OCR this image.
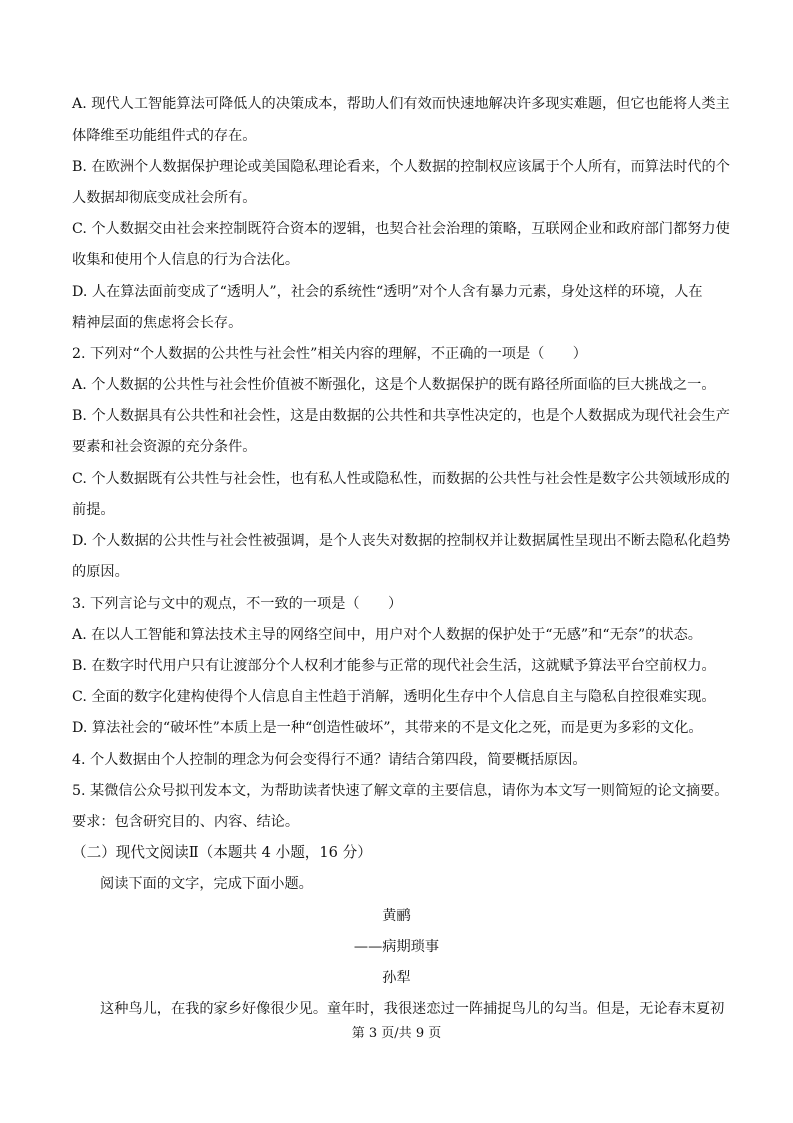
A. 现代人工智能算法可降低人的决策成本，帮助人们有效而快速地解决许多现实难题，但它也能将人类主
体降维至功能组件式的存在。
B. 在欧洲个人数据保护理论或美国隐私理论看来，个人数据的控制权应该属于个人所有，而算法时代的个
人数据却彻底变成社会所有。
C. 个人数据交由社会来控制既符合资本的逻辑，也契合社会治理的策略，互联网企业和政府部门都努力使
收集和使用个人信息的行为合法化。
D. 人在算法面前变成了“透明人”，社会的系统性“透明”对个人含有暴力元素，身处这样的环境，人在
精神层面的焦虑将会长存。
2. 下列对“个人数据的公共性与社会性”相关内容的理解，不正确的一项是（　　）
A. 个人数据的公共性与社会性价值被不断强化，这是个人数据保护的既有路径所面临的巨大挑战之一。
B. 个人数据具有公共性和社会性，这是由数据的公共性和共享性决定的，也是个人数据成为现代社会生产
要素和社会资源的充分条件。
C. 个人数据既有公共性与社会性，也有私人性或隐私性，而数据的公共性与社会性是数字公共领域形成的
前提。
D. 个人数据的公共性与社会性被强调，是个人丧失对数据的控制权并让数据属性呈现出不断去隐私化趋势
的原因。
3. 下列言论与文中的观点，不一致的一项是（　　）
A. 在以人工智能和算法技术主导的网络空间中，用户对个人数据的保护处于“无感”和“无奈”的状态。
B. 在数字时代用户只有让渡部分个人权利才能参与正常的现代社会生活，这就赋予算法平台空前权力。
C. 全面的数字化建构使得个人信息自主性趋于消解，透明化生存中个人信息自主与隐私自控很难实现。
D. 算法社会的“破坏性”本质上是一种“创造性破坏”，其带来的不是文化之死，而是更为多彩的文化。
4. 个人数据由个人控制的理念为何会变得行不通？请结合第四段，简要概括原因。
5. 某微信公众号拟刊发本文，为帮助读者快速了解文章的主要信息，请你为本文写一则简短的论文摘要。
要求：包含研究目的、内容、结论。
（二）现代文阅读Ⅱ（本题共 4 小题，16 分）
阅读下面的文字，完成下面小题。
黄鹂
——病期琐事
孙犁
这种鸟儿，在我的家乡好像很少见。童年时，我很迷恋过一阵捕捉鸟儿的勾当。但是，无论春末夏初
第 3 页/共 9 页
